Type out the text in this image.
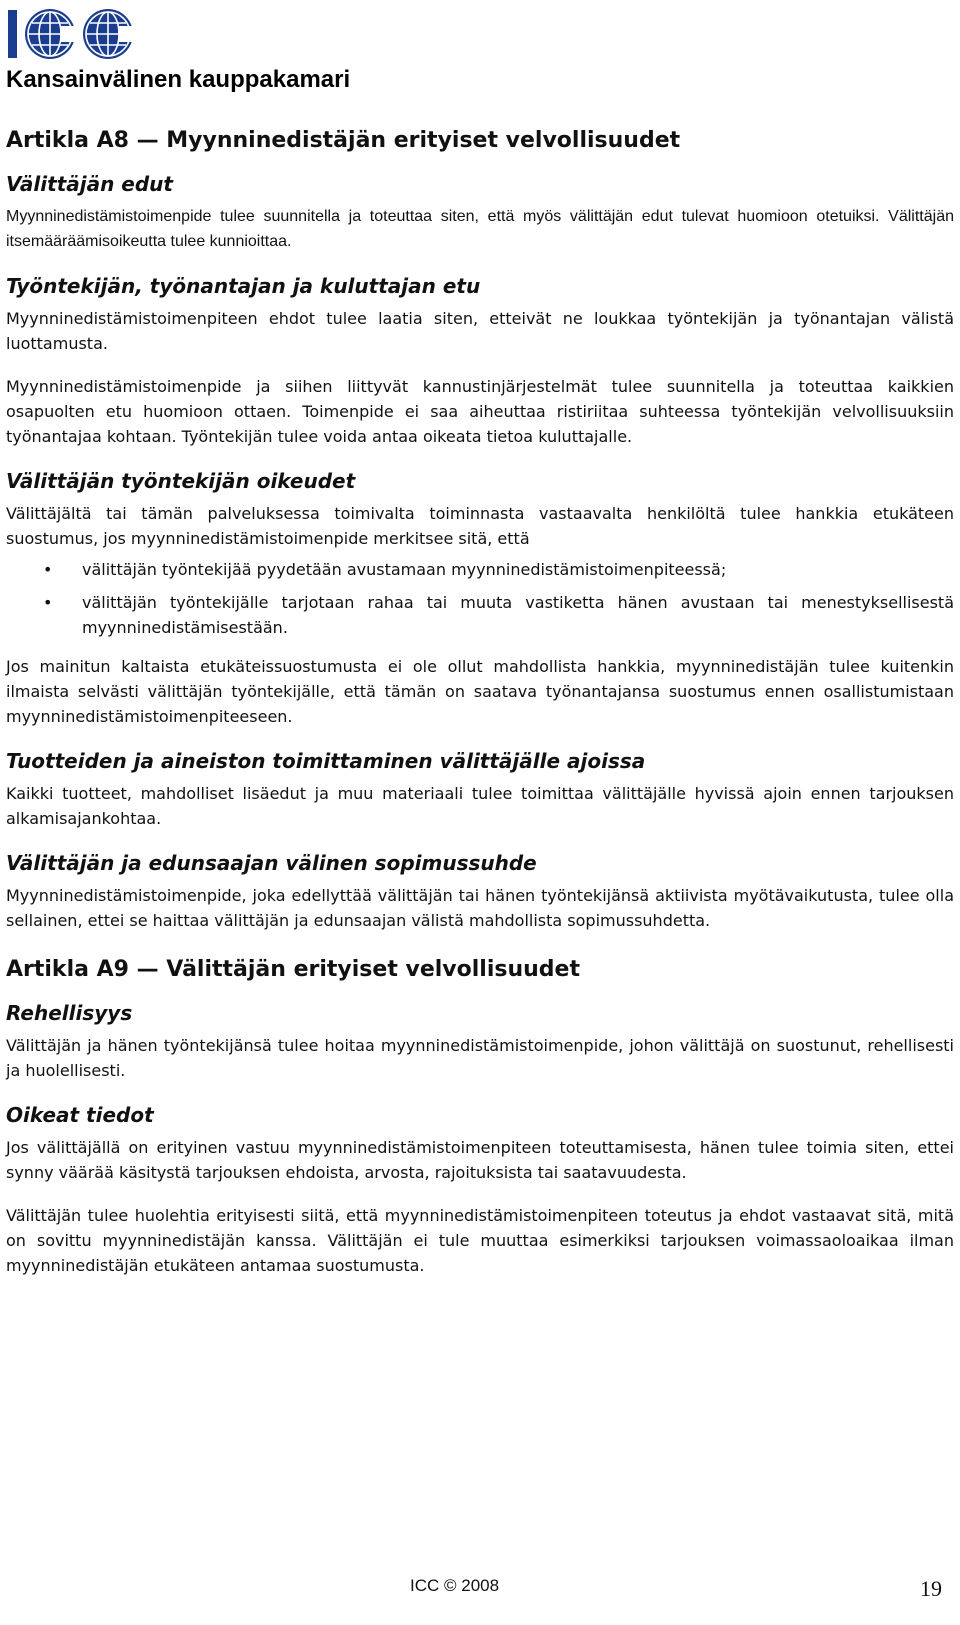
Kansainvälinen kauppakamari
Artikla A8 — Myynninedistäjän erityiset velvollisuudet
Välittäjän edut

Myynninedistämistoimenpide tulee suunnitella ja toteuttaa siten, että myös välittäjän edut tulevat huomioon otetuiksi. Välittäjän itsemääräämisoikeutta tulee kunnioittaa.

Työntekijän, työnantajan ja kuluttajan etu

Myynninedistämistoimenpiteen ehdot tulee laatia siten, etteivät ne loukkaa työntekijän ja työnantajan välistä luottamusta.

Myynninedistämistoimenpide ja siihen liittyvät kannustinjärjestelmät tulee suunnitella ja toteuttaa kaikkien osapuolten etu huomioon ottaen. Toimenpide ei saa aiheuttaa ristiriitaa suhteessa työntekijän velvollisuuksiin työnantajaa kohtaan. Työntekijän tulee voida antaa oikeata tietoa kuluttajalle.

Välittäjän työntekijän oikeudet

Välittäjältä tai tämän palveluksessa toimivalta toiminnasta vastaavalta henkilöltä tulee hankkia etukäteen suostumus, jos myynninedistämistoimenpide merkitsee sitä, että

• välittäjän työntekijää pyydetään avustamaan myynninedistämistoimenpiteessä;
• välittäjän työntekijälle tarjotaan rahaa tai muuta vastiketta hänen avustaan tai menestyksellisestä myynninedistämisestään.

Jos mainitun kaltaista etukäteissuostumusta ei ole ollut mahdollista hankkia, myynninedistäjän tulee kuitenkin ilmaista selvästi välittäjän työntekijälle, että tämän on saatava työnantajansa suostumus ennen osallistumistaan myynninedistämistoimenpiteeseen.

Tuotteiden ja aineiston toimittaminen välittäjälle ajoissa

Kaikki tuotteet, mahdolliset lisäedut ja muu materiaali tulee toimittaa välittäjälle hyvissä ajoin ennen tarjouksen alkamisajankohtaa.

Välittäjän ja edunsaajan välinen sopimussuhde

Myynninedistämistoimenpide, joka edellyttää välittäjän tai hänen työntekijänsä aktiivista myötävaikutusta, tulee olla sellainen, ettei se haittaa välittäjän ja edunsaajan välistä mahdollista sopimussuhdetta.

Artikla A9 — Välittäjän erityiset velvollisuudet
Rehellisyys

Välittäjän ja hänen työntekijänsä tulee hoitaa myynninedistämistoimenpide, johon välittäjä on suostunut, rehellisesti ja huolellisesti.

Oikeat tiedot

Jos välittäjällä on erityinen vastuu myynninedistämistoimenpiteen toteuttamisesta, hänen tulee toimia siten, ettei synny väärää käsitystä tarjouksen ehdoista, arvosta, rajoituksista tai saatavuudesta.

Välittäjän tulee huolehtia erityisesti siitä, että myynninedistämistoimenpiteen toteutus ja ehdot vastaavat sitä, mitä on sovittu myynninedistäjän kanssa. Välittäjän ei tule muuttaa esimerkiksi tarjouksen voimassaoloaikaa ilman myynninedistäjän etukäteen antamaa suostumusta.

ICC © 2008	19
